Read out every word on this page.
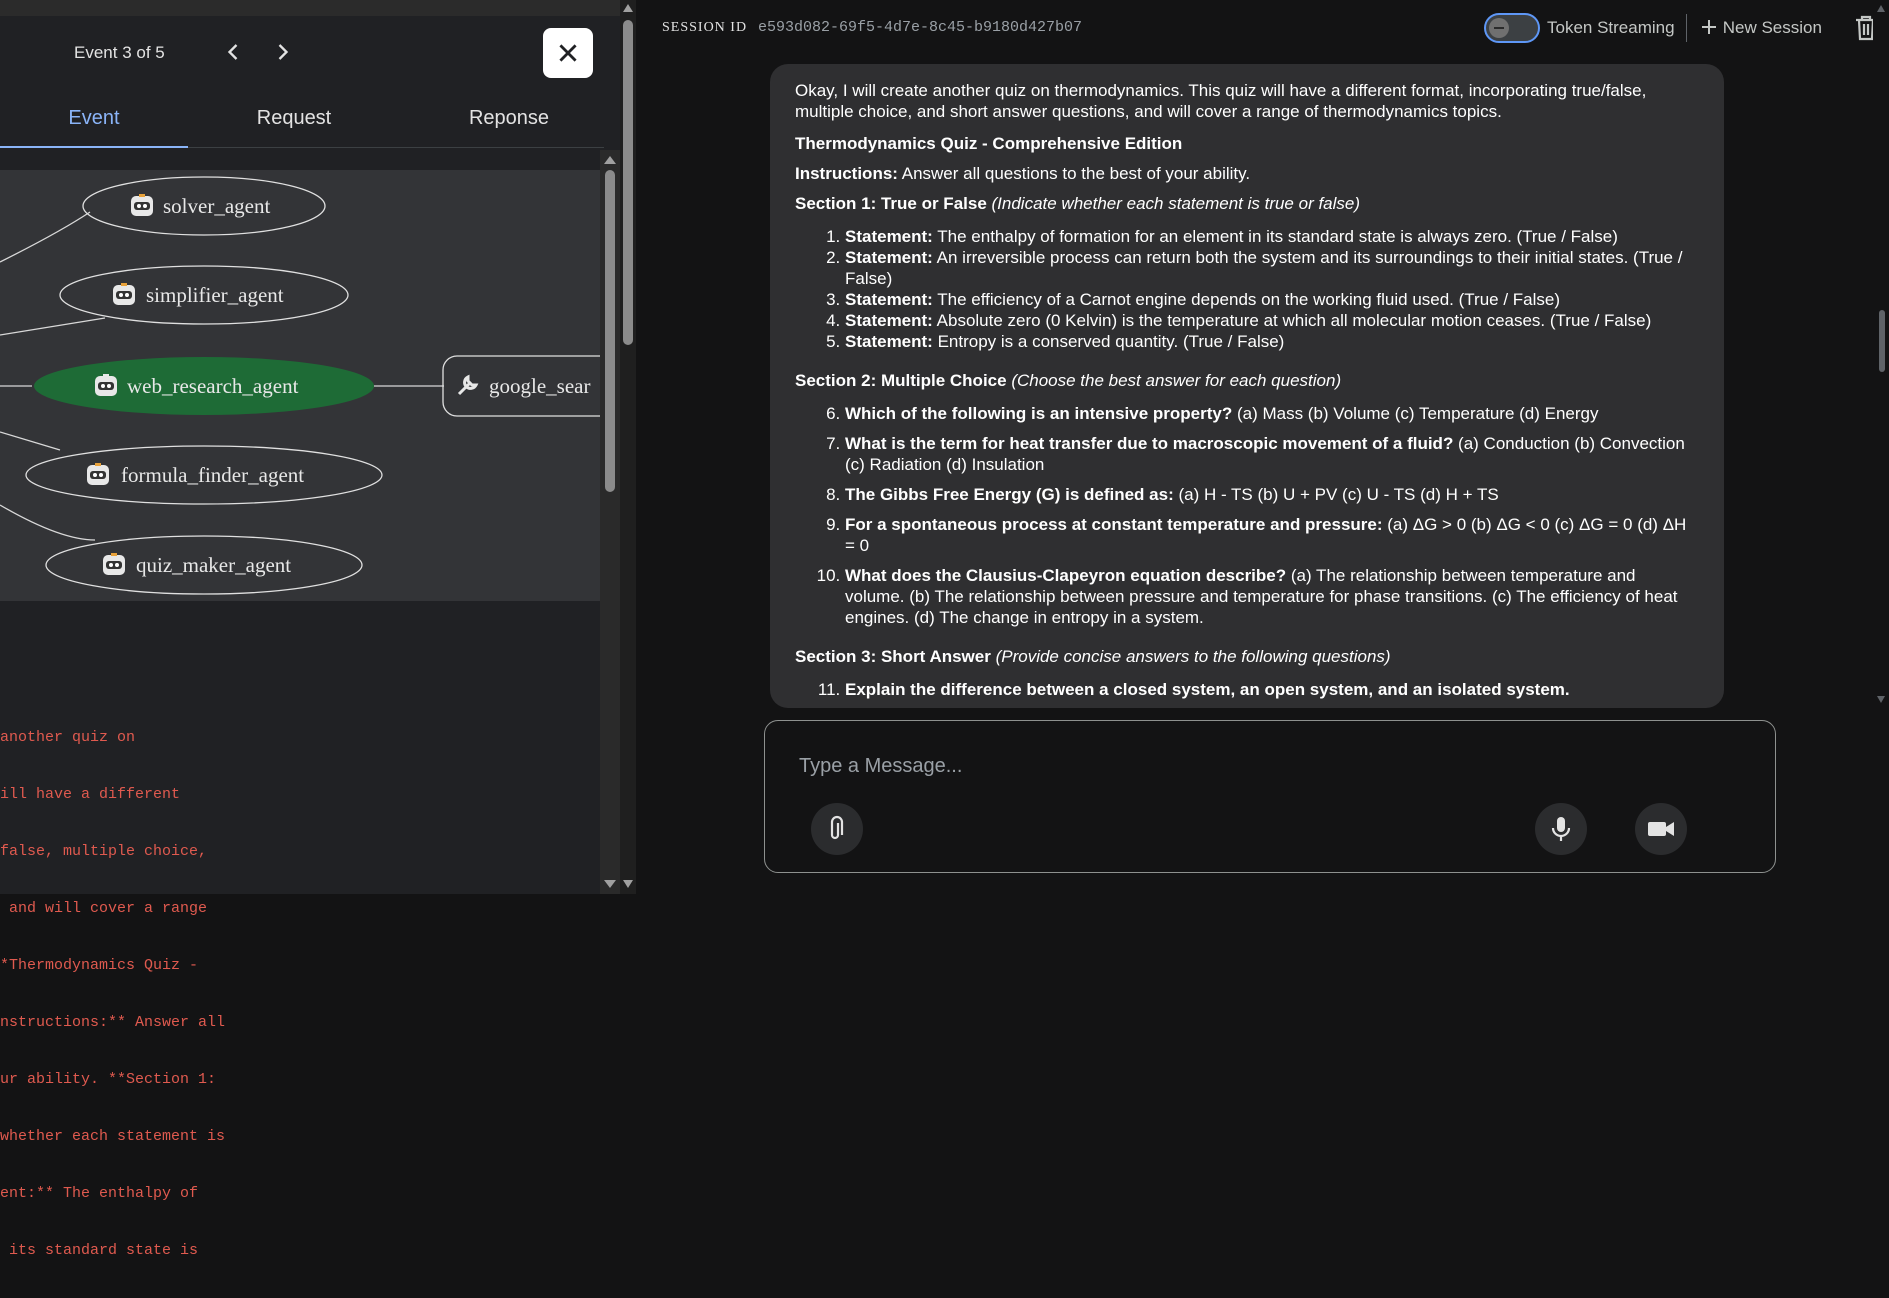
Event 3 of 5
Event	Request	Reponse
solver_agent
simplifier_agent
web_research_agent
formula_finder_agent
quiz_maker_agent
google_sear

another quiz on

ill have a different

false, multiple choice,

and will cover a range

*Thermodynamics Quiz -

nstructions:** Answer all

ur ability. **Section 1:

whether each statement is

ent:** The enthalpy of

its standard state is

SESSION ID e593d082-69f5-4d7e-8c45-b9180d427b07	Token Streaming	New Session

Okay, I will create another quiz on thermodynamics. This quiz will have a different format, incorporating true/false, multiple choice, and short answer questions, and will cover a range of thermodynamics topics.

Thermodynamics Quiz - Comprehensive Edition

Instructions: Answer all questions to the best of your ability.

Section 1: True or False (Indicate whether each statement is true or false)

1. Statement: The enthalpy of formation for an element in its standard state is always zero. (True / False)
2. Statement: An irreversible process can return both the system and its surroundings to their initial states. (True / False)
3. Statement: The efficiency of a Carnot engine depends on the working fluid used. (True / False)
4. Statement: Absolute zero (0 Kelvin) is the temperature at which all molecular motion ceases. (True / False)
5. Statement: Entropy is a conserved quantity. (True / False)

Section 2: Multiple Choice (Choose the best answer for each question)

6. Which of the following is an intensive property? (a) Mass (b) Volume (c) Temperature (d) Energy
7. What is the term for heat transfer due to macroscopic movement of a fluid? (a) Conduction (b) Convection (c) Radiation (d) Insulation
8. The Gibbs Free Energy (G) is defined as: (a) H - TS (b) U + PV (c) U - TS (d) H + TS
9. For a spontaneous process at constant temperature and pressure: (a) ΔG > 0 (b) ΔG < 0 (c) ΔG = 0 (d) ΔH = 0
10. What does the Clausius-Clapeyron equation describe? (a) The relationship between temperature and volume. (b) The relationship between pressure and temperature for phase transitions. (c) The efficiency of heat engines. (d) The change in entropy in a system.

Section 3: Short Answer (Provide concise answers to the following questions)

11. Explain the difference between a closed system, an open system, and an isolated system.
Type a Message...
